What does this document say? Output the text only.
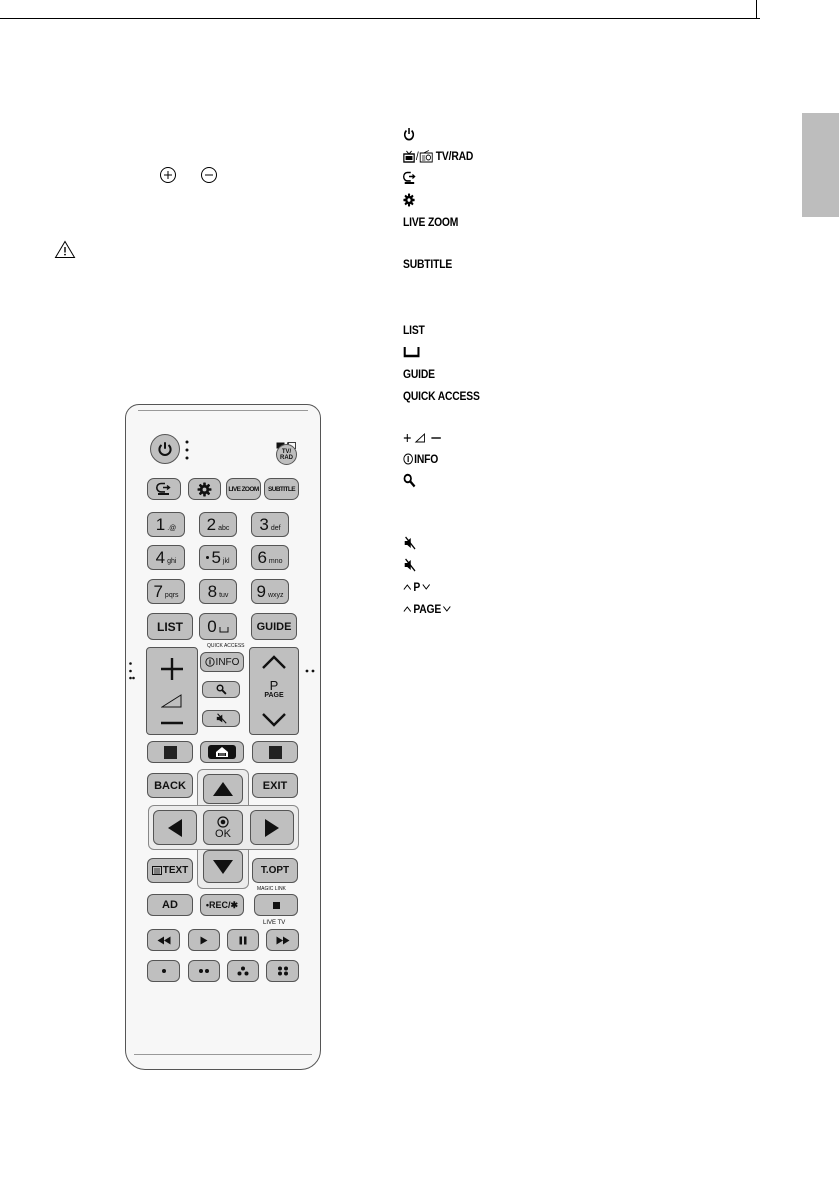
/ TV/RAD
LIVE ZOOM
SUBTITLE
LIST
GUIDE
QUICK ACCESS
INFO
P
PAGE
TV/
RAD
LIVE ZOOM SUBTITLE
1 .@ 2 abc 3 def
4 ghi 5 jkl 6 mno
7 pqrs 8 tuv 9 wxyz
LIST 0	GUIDE
QUICK ACCESS
INFO
P
PAGE
BACK	EXIT
OK
TEXT	T.OPT
MAGIC LINK
AD	•REC/✱
LIVE TV
